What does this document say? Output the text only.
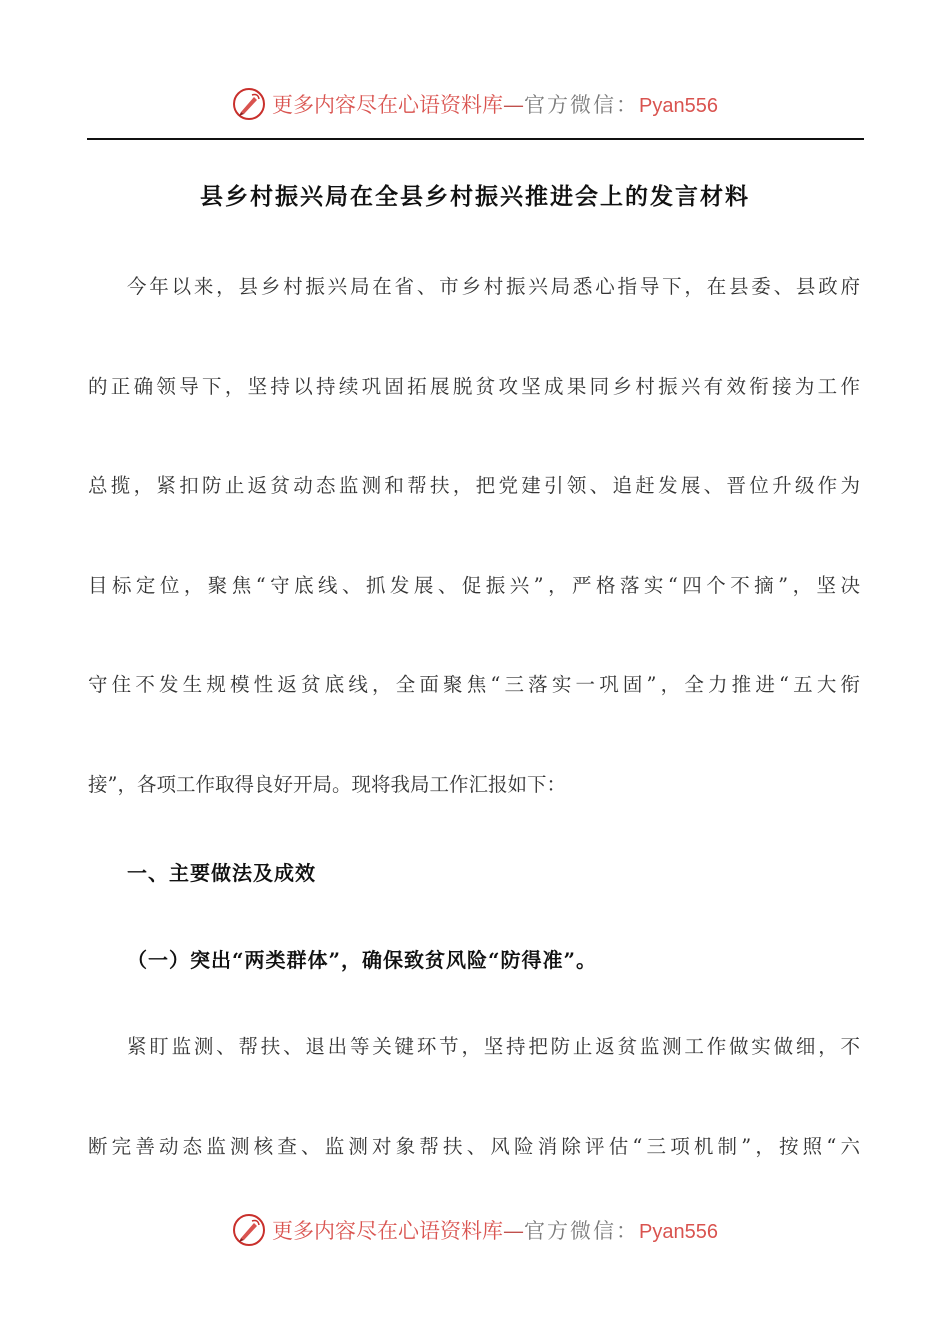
更多内容尽在心语资料库—官方微信：Pyan556
县乡村振兴局在全县乡村振兴推进会上的发言材料
今年以来，县乡村振兴局在省、市乡村振兴局悉心指导下，在县委、县政府
的正确领导下，坚持以持续巩固拓展脱贫攻坚成果同乡村振兴有效衔接为工作
总揽，紧扣防止返贫动态监测和帮扶，把党建引领、追赶发展、晋位升级作为
目标定位，聚焦“守底线、抓发展、促振兴”，严格落实“四个不摘”，坚决
守住不发生规模性返贫底线，全面聚焦“三落实一巩固”，全力推进“五大衔
接”，各项工作取得良好开局。现将我局工作汇报如下：
一、主要做法及成效
（一）突出“两类群体”，确保致贫风险“防得准”。
紧盯监测、帮扶、退出等关键环节，坚持把防止返贫监测工作做实做细，不
断完善动态监测核查、监测对象帮扶、风险消除评估“三项机制”，按照“六
更多内容尽在心语资料库—官方微信：Pyan556
